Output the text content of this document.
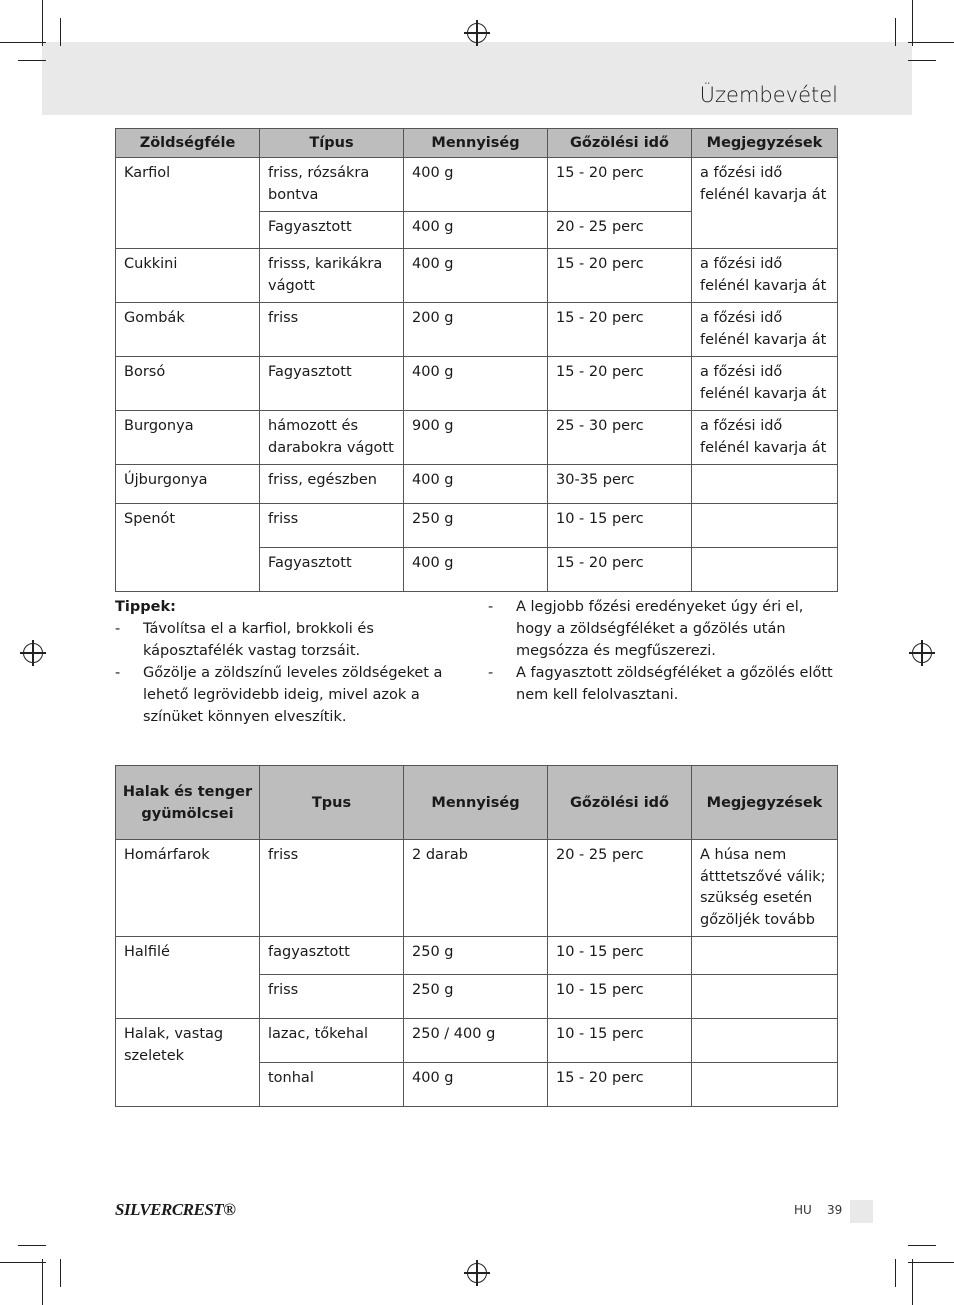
Üzembevétel
Zöldségféle	Típus	Mennyiség	Gőzölési idő	Megjegyzések
Karfiol	friss, rózsákra bontva	400 g	15 - 20 perc	a főzési idő felénél kavarja át
	Fagyasztott	400 g	20 - 25 perc	
Cukkini	frisss, karikákra vágott	400 g	15 - 20 perc	a főzési idő felénél kavarja át
Gombák	friss	200 g	15 - 20 perc	a főzési idő felénél kavarja át
Borsó	Fagyasztott	400 g	15 - 20 perc	a főzési idő felénél kavarja át
Burgonya	hámozott és darabokra vágott	900 g	25 - 30 perc	a főzési idő felénél kavarja át
Újburgonya	friss, egészben	400 g	30-35 perc	
Spenót	friss	250 g	10 - 15 perc	
	Fagyasztott	400 g	15 - 20 perc	
Tippek:
- Távolítsa el a karfiol, brokkoli és káposztafélék vastag torzsáit.
- Gőzölje a zöldszínű leveles zöldségeket a lehető legrövidebb ideig, mivel azok a színüket könnyen elveszítik.
- A legjobb főzési eredényeket úgy éri el, hogy a zöldségféléket a gőzölés után megsózza és megfűszerezi.
- A fagyasztott zöldségféléket a gőzölés előtt nem kell felolvasztani.
Halak és tenger gyümölcsei	Tpus	Mennyiség	Gőzölési idő	Megjegyzések
Homárfarok	friss	2 darab	20 - 25 perc	A húsa nem átttetszővé válik; szükség esetén gőzöljék tovább
Halfilé	fagyasztott	250 g	10 - 15 perc	
	friss	250 g	10 - 15 perc	
Halak, vastag szeletek	lazac, tőkehal	250 / 400 g	10 - 15 perc	
	tonhal	400 g	15 - 20 perc	
SILVERCREST®	HU 39
